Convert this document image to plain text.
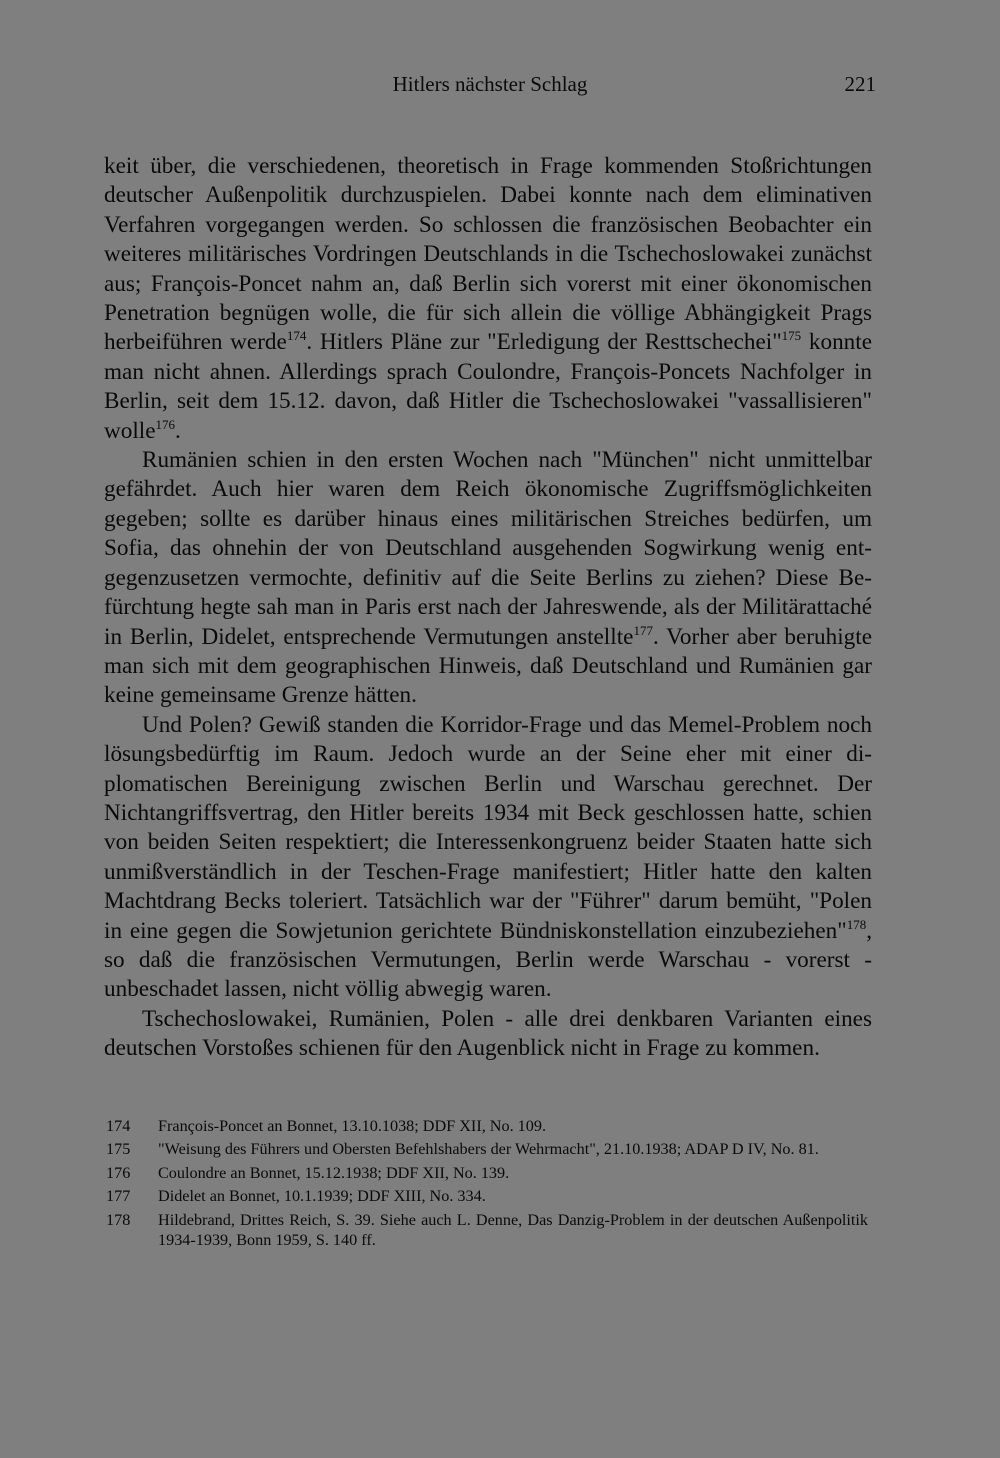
Hitlers nächster Schlag	221

keit über, die verschiedenen, theoretisch in Frage kommenden Stoßrichtungen deutscher Außenpolitik durchzuspielen. Dabei konnte nach dem eliminativen Verfahren vorgegangen werden. So schlossen die französischen Beobachter ein weiteres militärisches Vordringen Deutschlands in die Tschechoslowakei zunächst aus; François-Poncet nahm an, daß Berlin sich vorerst mit einer ökonomischen Penetration begnügen wolle, die für sich allein die völlige Abhängigkeit Prags herbeiführen werde$^{174}$. Hitlers Pläne zur "Erledigung der Resttschechei"$^{175}$ konnte man nicht ahnen. Allerdings sprach Coulondre, François-Poncets Nachfolger in Berlin, seit dem 15.12. davon, daß Hitler die Tschechoslowakei "vassallisieren" wolle$^{176}$.

Rumänien schien in den ersten Wochen nach "München" nicht unmittelbar gefährdet. Auch hier waren dem Reich ökonomische Zugriffsmöglichkeiten gegeben; sollte es darüber hinaus eines militärischen Streiches bedürfen, um Sofia, das ohnehin der von Deutschland ausgehenden Sogwirkung wenig entgegenzusetzen vermochte, definitiv auf die Seite Berlins zu ziehen? Diese Befürchtung hegte sah man in Paris erst nach der Jahreswende, als der Militärattaché in Berlin, Didelet, entsprechende Vermutungen anstellte$^{177}$. Vorher aber beruhigte man sich mit dem geographischen Hinweis, daß Deutschland und Rumänien gar keine gemeinsame Grenze hätten.

Und Polen? Gewiß standen die Korridor-Frage und das Memel-Problem noch lösungsbedürftig im Raum. Jedoch wurde an der Seine eher mit einer diplomatischen Bereinigung zwischen Berlin und Warschau gerechnet. Der Nichtangriffsvertrag, den Hitler bereits 1934 mit Beck geschlossen hatte, schien von beiden Seiten respektiert; die Interessenkongruenz beider Staaten hatte sich unmißverständlich in der Teschen-Frage manifestiert; Hitler hatte den kalten Machtdrang Becks toleriert. Tatsächlich war der "Führer" darum bemüht, "Polen in eine gegen die Sowjetunion gerichtete Bündniskonstellation einzubeziehen"$^{178}$, so daß die französischen Vermutungen, Berlin werde Warschau - vorerst - unbeschadet lassen, nicht völlig abwegig waren.

Tschechoslowakei, Rumänien, Polen - alle drei denkbaren Varianten eines deutschen Vorstoßes schienen für den Augenblick nicht in Frage zu kommen.

174	François-Poncet an Bonnet, 13.10.1038; DDF XII, No. 109.
175	"Weisung des Führers und Obersten Befehlshabers der Wehrmacht", 21.10.1938; ADAP D IV, No. 81.
176	Coulondre an Bonnet, 15.12.1938; DDF XII, No. 139.
177	Didelet an Bonnet, 10.1.1939; DDF XIII, No. 334.
178	Hildebrand, Drittes Reich, S. 39. Siehe auch L. Denne, Das Danzig-Problem in der deutschen Außenpolitik 1934-1939, Bonn 1959, S. 140 ff.
